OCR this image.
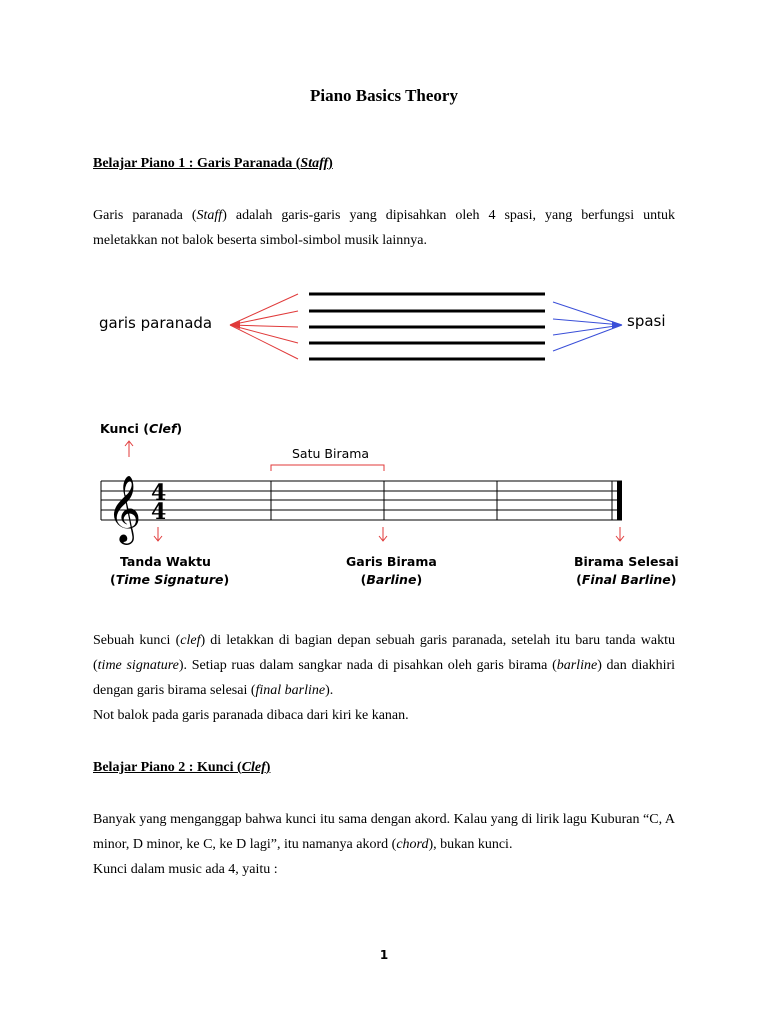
Piano Basics Theory
Belajar Piano 1 : Garis Paranada (Staff)

Garis paranada (Staff) adalah garis-garis yang dipisahkan oleh 4 spasi, yang berfungsi untuk meletakkan not balok beserta simbol-simbol musik lainnya.

garis paranada	spasi
Kunci (Clef)
Satu Birama
Tanda Waktu
(Time Signature)
Garis Birama
(Barline)
Birama Selesai
(Final Barline)
𝄞 4
4

Sebuah kunci (clef) di letakkan di bagian depan sebuah garis paranada, setelah itu baru tanda waktu (time signature). Setiap ruas dalam sangkar nada di pisahkan oleh garis birama (barline) dan diakhiri dengan garis birama selesai (final barline).

Not balok pada garis paranada dibaca dari kiri ke kanan.

Belajar Piano 2 : Kunci (Clef)

Banyak yang menganggap bahwa kunci itu sama dengan akord. Kalau yang di lirik lagu Kuburan “C, A minor, D minor, ke C, ke D lagi”, itu namanya akord (chord), bukan kunci.

Kunci dalam music ada 4, yaitu :

1
